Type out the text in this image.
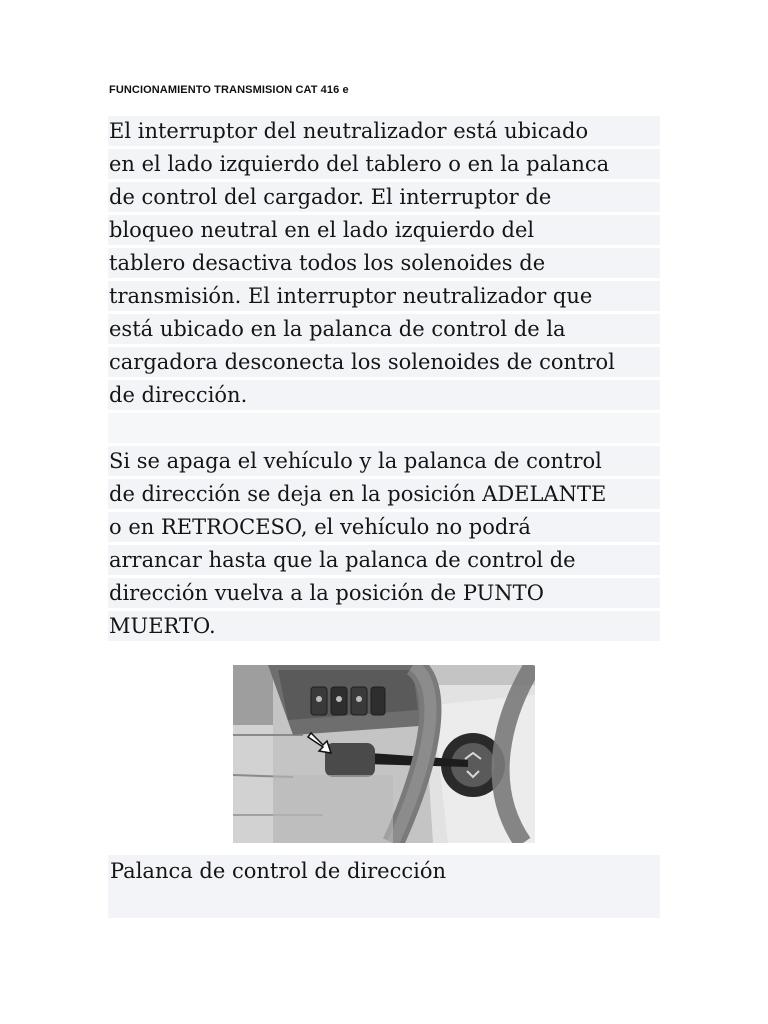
FUNCIONAMIENTO TRANSMISION CAT 416 e
El interruptor del neutralizador está ubicado
en el lado izquierdo del tablero o en la palanca
de control del cargador. El interruptor de
bloqueo neutral en el lado izquierdo del
tablero desactiva todos los solenoides de
transmisión. El interruptor neutralizador que
está ubicado en la palanca de control de la
cargadora desconecta los solenoides de control
de dirección.
Si se apaga el vehículo y la palanca de control
de dirección se deja en la posición ADELANTE
o en RETROCESO, el vehículo no podrá
arrancar hasta que la palanca de control de
dirección vuelva a la posición de PUNTO
MUERTO.
Palanca de control de dirección
